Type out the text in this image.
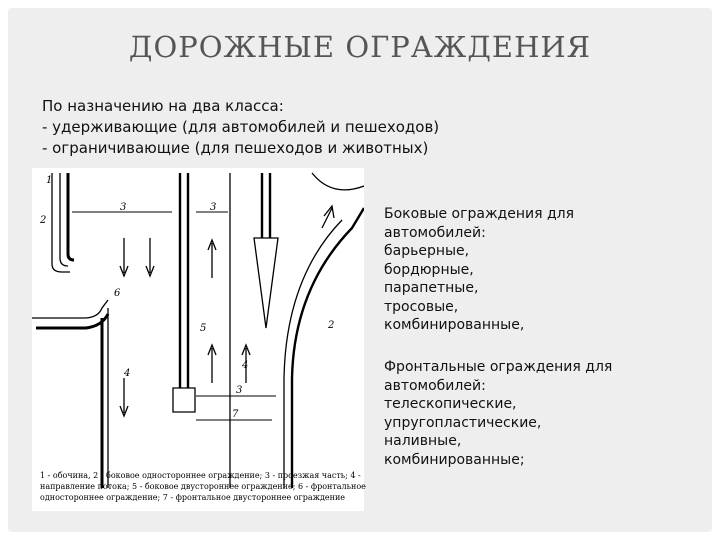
ДОРОЖНЫЕ ОГРАЖДЕНИЯ
По назначению на два класса:
- удерживающие (для автомобилей и пешеходов)
- ограничивающие (для пешеходов и животных)
1
2
3	3
6
5	2
4
4
3
7
1 - обочина, 2 - боковое одностороннее ограждение; 3 - проезжая часть; 4 -
направление потока; 5 - боковое двустороннее ограждение; 6 - фронтальное
одностороннее ограждение; 7 - фронтальное двустороннее ограждение
Боковые ограждения для
автомобилей:
барьерные,
бордюрные,
парапетные,
тросовые,
комбинированные,
Фронтальные ограждения для
автомобилей:
телескопические,
упругопластические,
наливные,
комбинированные;
